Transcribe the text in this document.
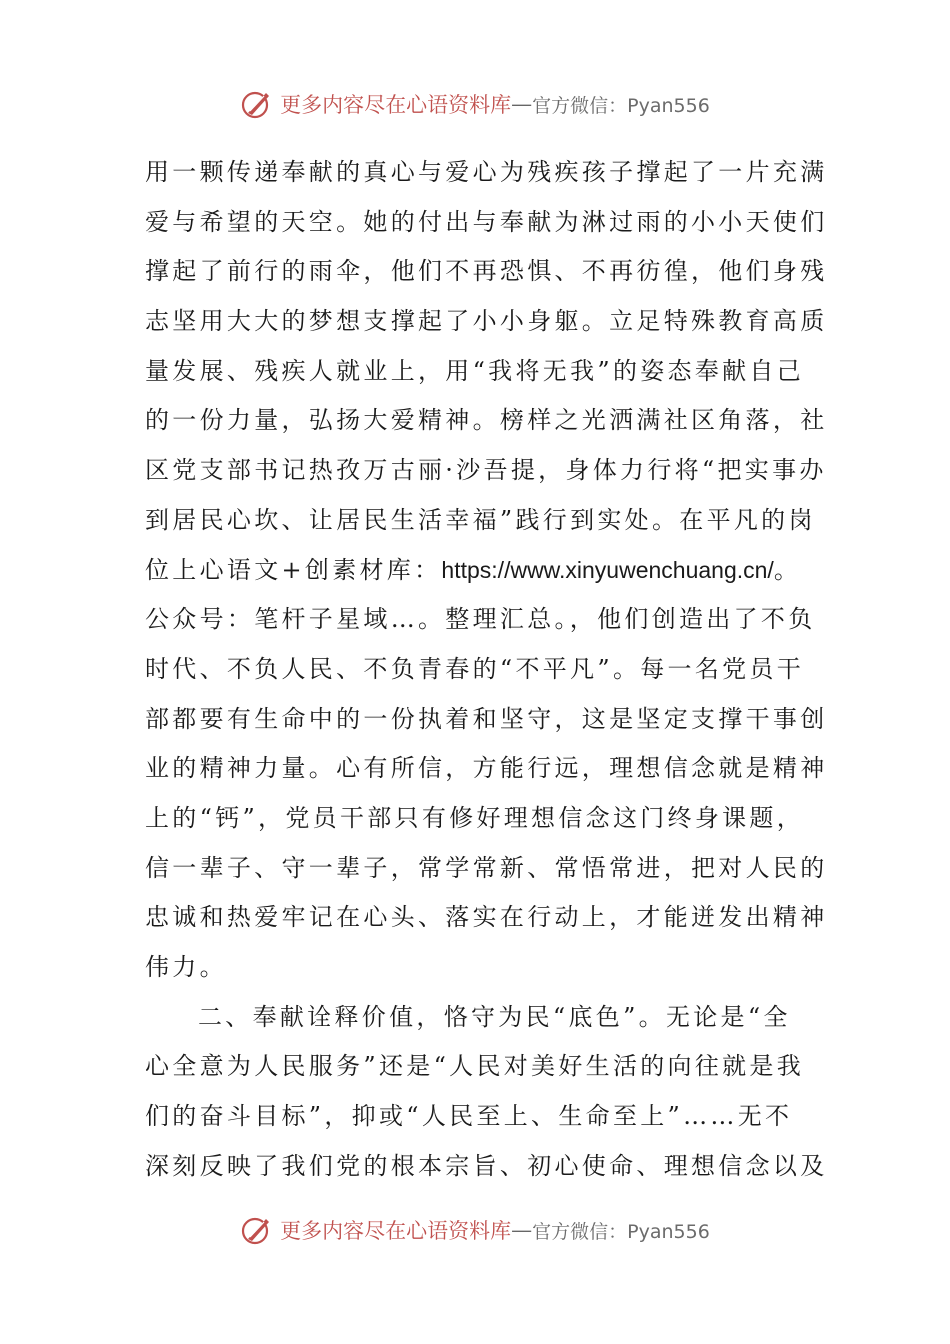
更多内容尽在心语资料库 — 官方微信：Pyan556
用一颗传递奉献的真心与爱心为残疾孩子撑起了一片充满
爱与希望的天空。她的付出与奉献为淋过雨的小小天使们
撑起了前行的雨伞，他们不再恐惧、不再彷徨，他们身残
志坚用大大的梦想支撑起了小小身躯。立足特殊教育高质
量发展、残疾人就业上，用“我将无我”的姿态奉献自己
的一份力量，弘扬大爱精神。榜样之光洒满社区角落，社
区党支部书记热孜万古丽·沙吾提，身体力行将“把实事办
到居民心坎、让居民生活幸福”践行到实处。在平凡的岗
位上心语文+创素材库：https://www.xinyuwenchuang.cn/。
公众号：笔杆子星域…。整理汇总。，他们创造出了不负
时代、不负人民、不负青春的“不平凡”。每一名党员干
部都要有生命中的一份执着和坚守，这是坚定支撑干事创
业的精神力量。心有所信，方能行远，理想信念就是精神
上的“钙”，党员干部只有修好理想信念这门终身课题，
信一辈子、守一辈子，常学常新、常悟常进，把对人民的
忠诚和热爱牢记在心头、落实在行动上，才能迸发出精神
伟力。
二、奉献诠释价值，恪守为民“底色”。无论是“全
心全意为人民服务”还是“人民对美好生活的向往就是我
们的奋斗目标”，抑或“人民至上、生命至上”……无不
深刻反映了我们党的根本宗旨、初心使命、理想信念以及
更多内容尽在心语资料库 — 官方微信：Pyan556
